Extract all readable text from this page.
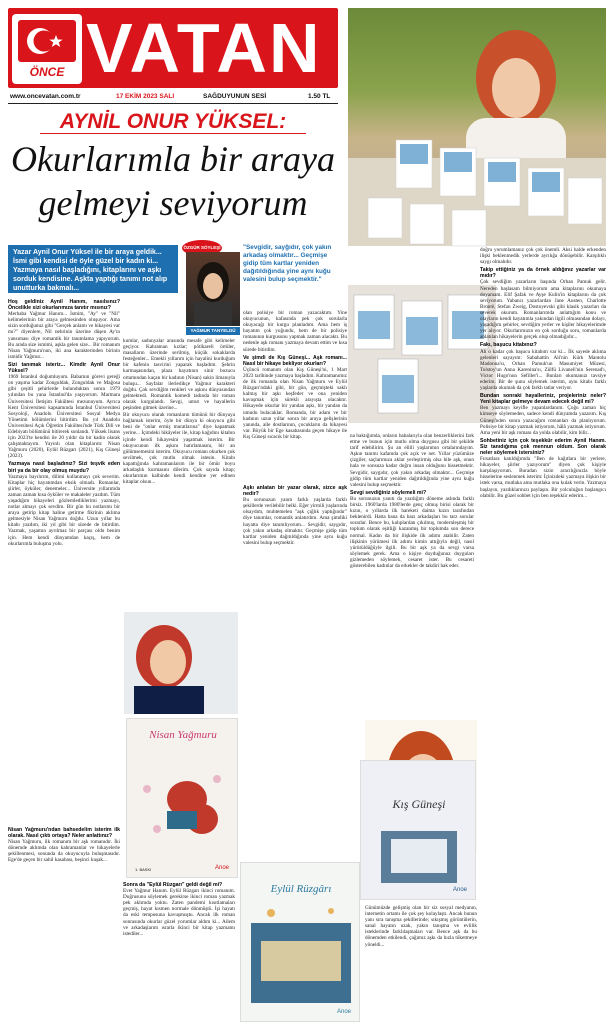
ÖNCE VATAN
www.oncevatan.com.tr	17 EKİM 2023 SALI	SAĞDUYUNUN SESİ	1.50 TL
AYNİL ONUR YÜKSEL:
Okurlarımla bir araya
gelmeyi seviyorum
Yazar Aynil Onur Yüksel ile bir araya geldik... İsmi gibi kendisi de öyle güzel bir kadın ki... Yazmaya nasıl başladığını, kitaplarını ve aşkı sorduk kendisine. Aşkta yaptığı tanımı not alıp unutturka bakmalı...
ÖZGÜR SÖYLEŞİ
YAĞMUR TANYELDÜ
"Sevgidir, sayğıdır, çok yakın arkadaş olmaktır... Geçmişe gidip tüm kartlar yeniden dağıtıldığında yine aynı kuğu valesini bulup seçmektir."
Hoş geldiniz Aynil Hanım, nasılsınız? Öncelikle sizi okurlarımıza tanıtır mısınız?

Merhaba Yağmur Hanım... İsmim, "Ay" ve "Nil" kelimelerinin bir araya gelmesinden oluşuyor. Ama sizin sorduğunuz gibi "Gerçek anlamı ve hikayesi var mı?" diyenlere, Nil nehrinin üzerine düşen Ay'ın yansıması diye romantik bir tanımlama yapıyorum. Bu arada size ismimi, aşkla gelen size... Bir romanım Nisan Yağmuru'nun, iki ana karakterinden birinin ismidir Yağmur...

Sizi tanımak isteriz... Kimdir Aynil Onur Yüksel?

1969 İstanbul doğumluyum. Babamın görevi gereği on yaşıma kadar Zonguldak, Zonguldak ve Mağosa gibi çeşitli şehirlerde bulunduktan sonra 1979 yılından bu yana İstanbul'da yaşıyorum. Marmara Üniversitesi İletişim Fakültesi mezunuyum. Ayrıca Kent Üniversitesi kapsamında İstanbul Üniversitesi Sosyoloji, Anadolu Üniversitesi Sosyal Medya Yönetimi bölümlerini bitirdim. Bu yıl Anadolu Üniversitesi Açık Öğretim Fakültesi'nde Türk Dili ve Edebiyatı bölümünü bitirerek sonlandı. Yüksek lisans için 2023'te kendisi ile 20 yıldır da bir kadın olarak çalışmaktayım. Yayınlı olan kitaplarım: Nisan Yağmuru (2020), Eylül Rüzgarı (2021), Kış Güneşi (2023).

Yazmaya nasıl başladınız? Sizi teşvik eden biri ya da bir olay olmuş muydu?

Yazmaya bayılırım, dilimi kullanmayı çok severim. Kitaplar hiç hayatımdan eksik olmadı. Romanlar, şiirler, öyküler, denemeler... Üniversite yıllarımda zaman zaman kısa öyküler ve makaleler yazdım. Tüm yaşadığım hikayeleri gözlemlediklerimi yazmayı, notlar almayı çok sevdim. Bir gün bu notlarımı bir araya getirip kitap haline getirme fikrinin aklıma gelmesiyle Nisan Yağmuru doğdu. Uzun yıllar bu kitabı yazdım, iki yıl gibi bir sürede de bitirdim. Yazmak, yaşamın ayrılmaz bir parçası oldu benim için. Hem kendi dünyamdan kaçış, hem de okurlarımla buluşma yolu.

Nisan Yağmuru'ndan bahsedelim isterim ilk olarak. Nasıl çıktı ortaya? Neler anlattınız?

Nisan Yağmuru, ilk romanım bir aşk romanıdır. İki dönemde aklımda olan kahramanlar ve hikayelerle şekillenmesi, sonunda da okuyucuyla buluşmasıdır. Ege'de geçen bir sahil kasabası, beşinci kuşak...

kumlar, sadunyalar arasında mesafe gibi kelimeler geçiyor. Kahraman kızlar; pötikareli örtüler, masalların üzerinde serilmiş, küçük sokaklarda festeğenler... Emekli yıllarım için hayalini kurduğum bir kafenin tasvirini yaparak başladım. Şehrin karmaşasından, plaza hayatının sinir bozucu ortamından kaçan bir kadının (Nisan) sakin limanıyla buluşu... Sayfalar ilerledikçe Yağmur karakteri doğdu. Çok sevdiğim renkleri ve aşkını dünyasından gelmektedi. Romantik komedi tadında bir roman olarak kurgulandı. Sevgi, umut ve hayallerin peşinden gitmek üzerine...

Bir okuyucu olarak romanların tümünü bir dünyaya bağlamak isterim, öyle bir dünya ki okuyucu gibi beni de "onlar ermiş muratlarına" diye kapatmak yerine... İçimdeki hikâyeler ile, kitap kağıdını kitabın içinde kendi hikayesini yaşatmak isterim. Bir okuyucunun ilk aşkını hatırlamasını, bir an gülümsemesini isterim. Okuyucu romanı okurken çok sevilmek, çok mutlu olmak istesin. Kitabı kapattığında kahramanlarım ile bir ömür boyu arkadaşlık kurmasını dilerim. Çok sayıda kitap; okurlarımın kalbinde kendi kendine yer edinen kitaplar olsun...

Sonra da "Eylül Rüzgarı" geldi değil mi?

Evet Yağmur Hanım. Eylül Rüzgarı ikinci romanım. Doğrusunu söylemek gerekirse ikinci roman yazmak pek aklımda yoktu. Zaten pandemi kısıtlamaları geçmiş, hayat kısmen normale dönmüştü. İşi hayatı da eski temposuna kavuşmuştu. Ancak ilk roman sonrasında okurlar güzel yorumlar aldım ki... Ailem ve arkadaşlarım ısrarla ikinci bir kitap yazmamı istediler...

Nisan Yağmuru
1. BASKI	Anoe

olan polisiye bir roman yazacaktım. Yine okuyucunun, kafasında pek çok sorularla okuyacağı bir kurgu planladım. Ama hem iş hayatım çok yoğundu, hem de bir polisiye romanının kurgusunu yapmak zaman alacaktı. Bu nedenle aşk romanı yazmaya devam ettim ve kısa sürede bitirdim.

Ve şimdi de Kış Güneşi... Aşk romanı... Nasıl bir hikaye bekliyor okurları?

Üçüncü romanım olan Kış Güneşi'ni, 1 Mart 2023 tarihinde yazmaya başladım. Kahramanımız de ilk romanda olan Nisan Yağmuru ve Eylül Rüzgarı'ndaki gibi, bir gün, geçmişteki saklı kalmış bir aşkı keşfeder ve ona yeniden kavuşmak için sürekli arayışta olacaktır. Hikayede okurlar bir yandan aşkı, bir yandan da umudu bulacaklar. Romanda, bir adam ve bir kadının uzun yıllar sonra bir araya gelişlerinin yanında, aile dostlarının, çocukların da hikayesi var. Büyük bir Ege kasabasında geçen hikaye ile Kış Güneşi sıcacık bir kitap.

Aşkı anlatan bir yazar olarak, sizce aşk nedir?

Bu sorunuzun yanıtı farklı yaşlarda farklı şekillerde verilebilir belki. Eğer yirmili yaşlarında olsaydım, muhtemelen "aşk çığlık yaptığındır" diye tanımlar, romantik anlatırdım. Ama şimdiki hayatta diye tanımlıyorum... Sevgidir, saygıdır, çok yakın arkadaş olmaktır. Geçmişe gidip tüm kartlar yeniden dağıtıldığında yine aynı kuğu valesini bulup seçmektir.

Eylül Rüzgârı
Anoe

na baktığımda, onların babalarıyla olan benzerliklerini fark etme ve bunun için mutlu olma duygusu gibi bir şekilde tarif edebilirim. Şu an ellili yaşlarımın ortalarındayım. Aşkın tanımı kafamda çok açık ve net. Yıllar yüzümüze çizgiler, saçlarımıza aklar yerleştirmiş olsa bile aşk, onun hala ve sonsuza kadar doğru insan olduğunu hissetmektir. Sevgidir, saygıdır, çok yakın arkadaş olmaktır... Geçmişe gidip tüm kartlar yeniden dağıtıldığında yine aynı kuğu valesini bulup seçmektir.

Sevgi sevdiğiniz söylemeli mi?

Bu sorunuzun yanıtı da yazdığım döneme aslında farklı birsiz. 1960'larda 1980'lerde genç olmuş birisi olarak bir kızın, o yıllarda ilk hareketi daima kızın tarafından beklenirdi. Hatta bana da bazı arkadaşları bu tarz sorular sorarlar. Bence bu, kalıplardan çıkılmış, modernleşmiş bir toplum olarak eşitliği kazanmış bir toplumda son derece normal. Kadın da bir ilişkide ilk adımı atabilir. Zaten ilişkinin yürümesi ilk adımı kimin attığıyla değil, nasıl yürütüldüğüyle ilgili. Bu bir aşk ya da sevgi varsa söylemek gerek. Ama o kişiye duyduğunuz duyguları gizlemeden söylemek, cesaret ister. Bu cesareti gösterebilen kadınlar da erkekler de takdiri hak eder.

Kış Güneşi
Anoe

Günümüzde gelişmiş olan bir siz sosyal medyanın, internetin ortamı ile çok şey kolaylaştı. Ancak bunun yanı sıra tanışma şekillerinde; sıkışmış görüntülerin, sanal hayatın uzak, yakın tanışma ve evlilik isteklerinde farklılaşmaları var. Bence aşk da bu dönemden etkilendi, çağımız aşkı da hızla tüketmeye yöneldi...

doğru yorumlamanız çok çok önemli. Aksi halde erkenden ilişki beklenmedik yerlerde ayrılığa dönüşebilir. Karşılıklı saygı olmalıdır.

Takip ettiğiniz ya da örnek aldığınız yazarlar var mıdır?

Çok sevdiğim yazarların başında Orhan Pamuk gelir. Nereden başlasam bilmiyorum ama kitaplarını okumaya doyamam. Elif Şafak ve Ayşe Kulin'in kitaplarını da çok seviyorum. Yabancı yazarlardan Jane Austen, Charlotte Brontë, Stefan Zweig, Dostoyevski gibi klasik yazarları da severek okurum. Romanlarımda anlattığım konu ve olayların kendi hayatımla yakından ilgili olmasından dolayı, yaşadığım şehirler, sevdiğim yerler ve kişiler hikayelerimde yer alıyor. Okurlarımızın en çok sorduğu soru, romanlarda anlatılan hikayelerin gerçek olup olmadığıdır...

Fakı, başucu kitabınız?

Ah o kadar çok başucu kitabım var ki... İlk sayede aklıma gelenleri sayayım: Sabahattin Ali'nin Kürk Mantolu Madonna'sı, Orhan Pamuk'un Masumiyet Müzesi, Tolstoy'un Anna Karenina'sı, Zülfü Livaneli'nin Serenad'ı, Victor Hugo'nun Sefiller'i... Bunları okumanızı tavsiye ederim. Bir de şunu söylemek isterim, aynı kitabı farklı yaşlarda okumak da çok farklı tatlar veriyor.

Bundan sonraki hayalleriniz, projeleriniz neler? Yeni kitaplar gelmeye devam edecek değil mi?

Ben yazmayı keyifle yapanlardanım. Çoğu zaman hiç kimseye söylemeden, sadece kendi dünyamda yazarım. Kış Güneşi'nden sonra yazacağım romanları da planlıyorum. Polisiye bir kitap yazmak istiyorum, hâlâ yazmak istiyorum. Ama yeni bir aşk romanı da yolda olabilir, kim bilir...

Sohbetiniz için çok teşekkür ederim Aynil Hanım. Siz tanıdığıma çok mennun oldum. Son olarak neler söylemek istersiniz?

Fırsatlara katıldığımda "Ben de kağıtlara bir yerlere, hikayeler, şiirler yazıyorum" diyen çok kişiyle karşılaşıyorum. Buradan sizin aracılığınızla böyle hisselerine seslenmek isterim: İçinizdeki yazmaya ilişkin bir istek varsa, mutlaka ama mutlaka ona kulak verin. Yazmaya başlayın, yazdıklarınızı paylaşın. Bir yolculuğun başlangıcı olabilir. Bu güzel sohbet için ben teşekkür ederim...
